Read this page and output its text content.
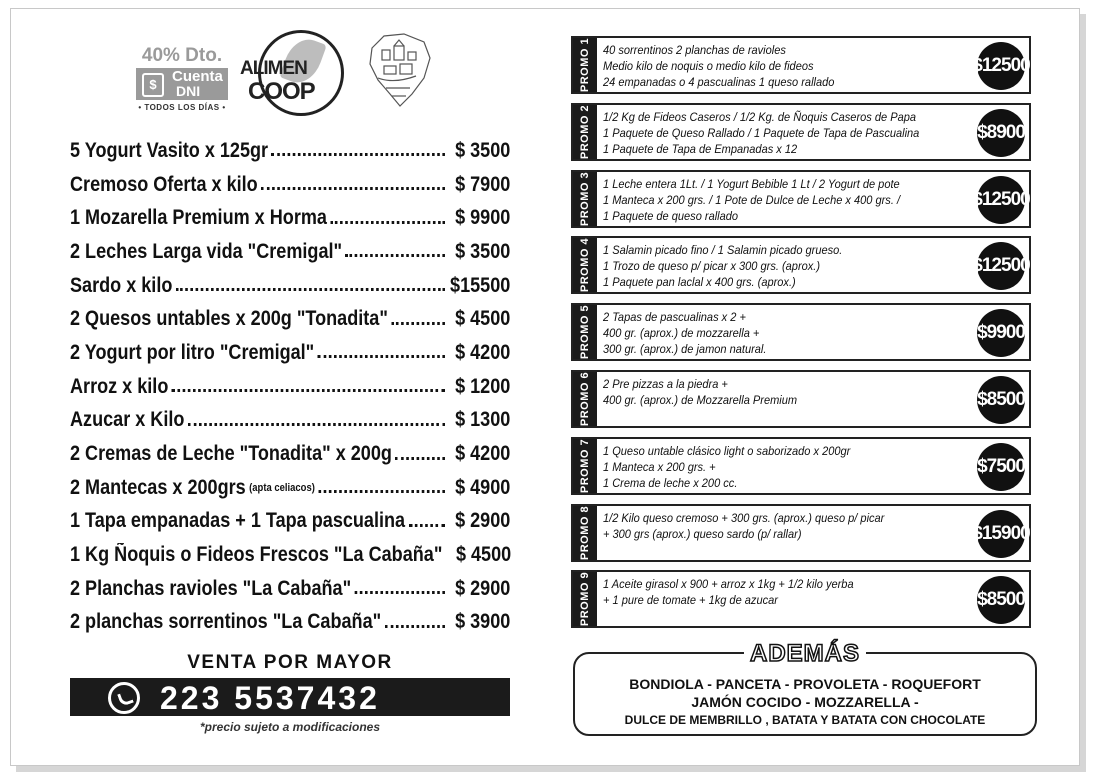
40% Dto.
$	Cuenta
DNI
• TODOS LOS DÍAS •
ALIMEN
COOP
5 Yogurt Vasito x 125gr	$ 3500
Cremoso Oferta x kilo	$ 7900
1 Mozarella Premium x Horma	$ 9900
2 Leches Larga vida "Cremigal"	$ 3500
Sardo x kilo	$15500
2 Quesos untables x 200g "Tonadita"	$ 4500
2 Yogurt por litro "Cremigal"	$ 4200
Arroz x kilo	$ 1200
Azucar x Kilo	$ 1300
2 Cremas de Leche "Tonadita" x 200g	$ 4200
2 Mantecas x 200grs (apta celiacos)	$ 4900
1 Tapa empanadas + 1 Tapa pascualina	$ 2900
1 Kg Ñoquis o Fideos Frescos "La Cabaña" $ 4500
2 Planchas ravioles "La Cabaña"	$ 2900
2 planchas sorrentinos "La Cabaña"	$ 3900
VENTA POR MAYOR
223 5537432
*precio sujeto a modificaciones
PROMO 1 40 sorrentinos 2 planchas de ravioles
Medio kilo de noquis o medio kilo de fideos
24 empanadas o 4 pascualinas 1 queso rallado
$12500
PROMO 2 1/2 Kg de Fideos Caseros / 1/2 Kg. de Ñoquis Caseros de Papa
1 Paquete de Queso Rallado / 1 Paquete de Tapa de Pascualina
1 Paquete de Tapa de Empanadas x 12
$8900
PROMO 3 1 Leche entera 1Lt. / 1 Yogurt Bebible 1 Lt / 2 Yogurt de pote
1 Manteca x 200 grs. / 1 Pote de Dulce de Leche x 400 grs. /
1 Paquete de queso rallado
$12500
PROMO 4 1 Salamin picado fino / 1 Salamin picado grueso.
1 Trozo de queso p/ picar x 300 grs. (aprox.)
1 Paquete pan laclal x 400 grs. (aprox.)
$12500
PROMO 5 2 Tapas de pascualinas x 2 +
400 gr. (aprox.) de mozzarella +
300 gr. (aprox.) de jamon natural.
$9900
PROMO 6 2 Pre pizzas a la piedra +
400 gr. (aprox.) de Mozzarella Premium	$8500
PROMO 7 1 Queso untable clásico light o saborizado x 200gr
1 Manteca x 200 grs. +
1 Crema de leche x 200 cc.
$7500
PROMO 8 1/2 Kilo queso cremoso + 300 grs. (aprox.) queso p/ picar
+ 300 grs (aprox.) queso sardo (p/ rallar)	$15900
PROMO 9 1 Aceite girasol x 900 + arroz x 1kg + 1/2 kilo yerba
+ 1 pure de tomate + 1kg de azucar	$8500
ADEMÁS
BONDIOLA - PANCETA - PROVOLETA - ROQUEFORT
JAMÓN COCIDO - MOZZARELLA -
DULCE DE MEMBRILLO , BATATA Y BATATA CON CHOCOLATE
